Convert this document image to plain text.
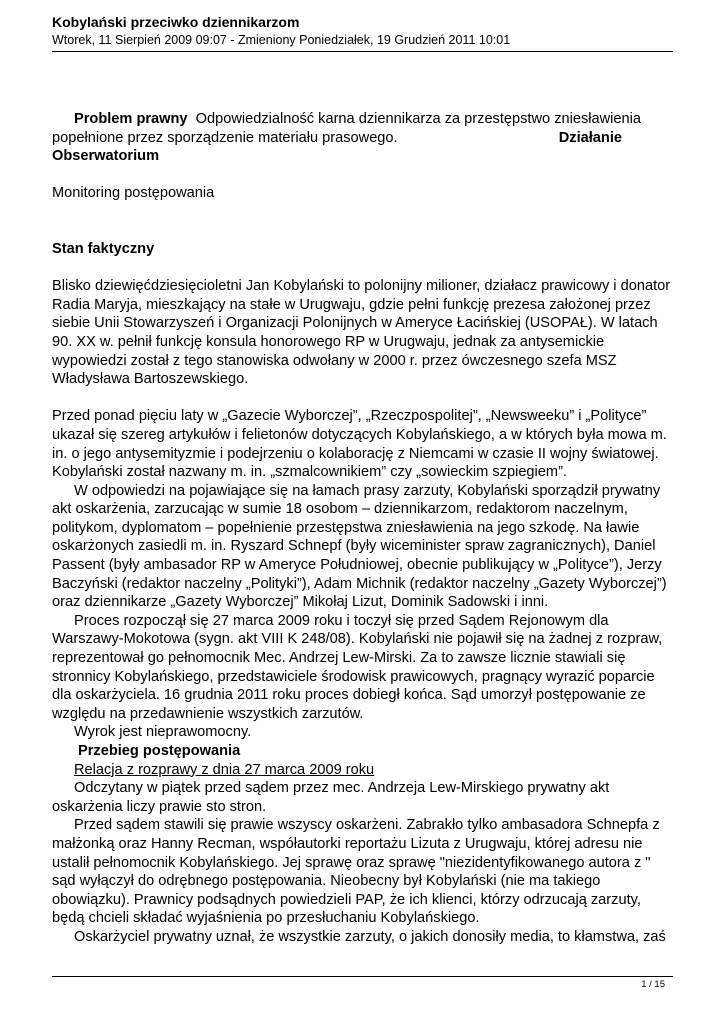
Kobylański przeciwko dziennikarzom
Wtorek, 11 Sierpień 2009 09:07 - Zmieniony Poniedziałek, 19 Grudzień 2011 10:01

Problem prawny Odpowiedzialność karna dziennikarza za przestępstwo zniesławienia
popełnione przez sporządzenie materiału prasowego.	Działanie
Obserwatorium

Monitoring postępowania

Stan faktyczny

Blisko dziewięćdziesięcioletni Jan Kobylański to polonijny milioner, działacz prawicowy i donator
Radia Maryja, mieszkający na stałe w Urugwaju, gdzie pełni funkcję prezesa założonej przez
siebie Unii Stowarzyszeń i Organizacji Polonijnych w Ameryce Łacińskiej (USOPAŁ). W latach
90. XX w. pełnił funkcję konsula honorowego RP w Urugwaju, jednak za antysemickie
wypowiedzi został z tego stanowiska odwołany w 2000 r. przez ówczesnego szefa MSZ
Władysława Bartoszewskiego.

Przed ponad pięciu laty w „Gazecie Wyborczej”, „Rzeczpospolitej”, „Newsweeku” i „Polityce”
ukazał się szereg artykułów i felietonów dotyczących Kobylańskiego, a w których była mowa m.
in. o jego antysemityzmie i podejrzeniu o kolaborację z Niemcami w czasie II wojny światowej.
Kobylański został nazwany m. in. „szmalcownikiem” czy „sowieckim szpiegiem”.

W odpowiedzi na pojawiające się na łamach prasy zarzuty, Kobylański sporządził prywatny
akt oskarżenia, zarzucając w sumie 18 osobom – dziennikarzom, redaktorom naczelnym,
politykom, dyplomatom – popełnienie przestępstwa zniesławienia na jego szkodę. Na ławie
oskarżonych zasiedli m. in. Ryszard Schnepf (były wiceminister spraw zagranicznych), Daniel
Passent (były ambasador RP w Ameryce Południowej, obecnie publikujący w „Polityce”), Jerzy
Baczyński (redaktor naczelny „Polityki”), Adam Michnik (redaktor naczelny „Gazety Wyborczej”)
oraz dziennikarze „Gazety Wyborczej” Mikołaj Lizut, Dominik Sadowski i inni.

Proces rozpoczął się 27 marca 2009 roku i toczył się przed Sądem Rejonowym dla
Warszawy-Mokotowa (sygn. akt VIII K 248/08). Kobylański nie pojawił się na żadnej z rozpraw,
reprezentował go pełnomocnik Mec. Andrzej Lew-Mirski. Za to zawsze licznie stawiali się
stronnicy Kobylańskiego, przedstawiciele środowisk prawicowych, pragnący wyrazić poparcie
dla oskarżyciela. 16 grudnia 2011 roku proces dobiegł końca. Sąd umorzył postępowanie ze
względu na przedawnienie wszystkich zarzutów.

Wyrok jest nieprawomocny.

Przebieg postępowania

Relacja z rozprawy z dnia 27 marca 2009 roku

Odczytany w piątek przed sądem przez mec. Andrzeja Lew-Mirskiego prywatny akt
oskarżenia liczy prawie sto stron.

Przed sądem stawili się prawie wszyscy oskarżeni. Zabrakło tylko ambasadora Schnepfa z
małżonką oraz Hanny Recman, współautorki reportażu Lizuta z Urugwaju, której adresu nie
ustalił pełnomocnik Kobylańskiego. Jej sprawę oraz sprawę "niezidentyfikowanego autora z "
sąd wyłączył do odrębnego postępowania. Nieobecny był Kobylański (nie ma takiego
obowiązku). Prawnicy podsądnych powiedzieli PAP, że ich klienci, którzy odrzucają zarzuty,
będą chcieli składać wyjaśnienia po przesłuchaniu Kobylańskiego.

Oskarżyciel prywatny uznał, że wszystkie zarzuty, o jakich donosiły media, to kłamstwa, zaś

1 / 15
